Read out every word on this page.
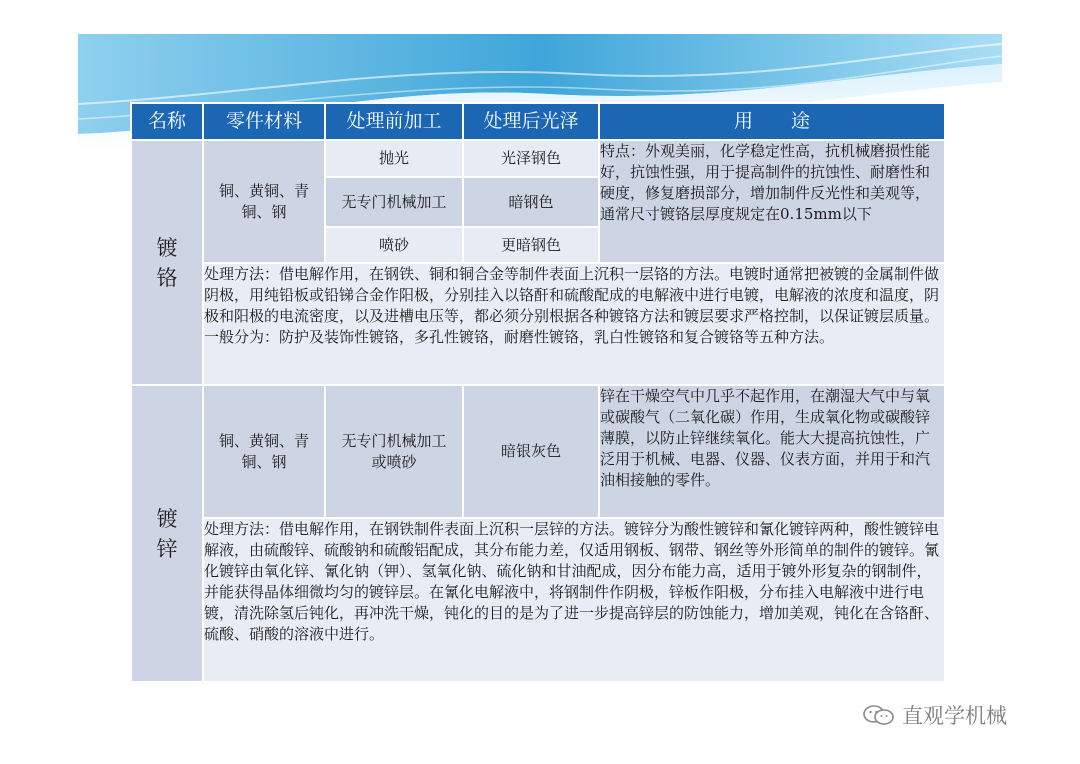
名称	零件材料	处理前加工	处理后光泽	用　　途
镀铬	铜、黄铜、青铜、钢	抛光	光泽钢色	特点：外观美丽，化学稳定性高，抗机械磨损性能好，抗蚀性强，用于提高制件的抗蚀性、耐磨性和硬度，修复磨损部分，增加制件反光性和美观等，通常尺寸镀铬层厚度规定在0.15mm以下
		无专门机械加工	暗钢色	
		喷砂	更暗钢色	
	处理方法：借电解作用，在钢铁、铜和铜合金等制件表面上沉积一层铬的方法。电镀时通常把被镀的金属制件做阴极，用纯铅板或铅锑合金作阳极，分别挂入以铬酐和硫酸配成的电解液中进行电镀，电解液的浓度和温度，阴极和阳极的电流密度，以及进槽电压等，都必须分别根据各种镀铬方法和镀层要求严格控制，以保证镀层质量。一般分为：防护及装饰性镀铬，多孔性镀铬，耐磨性镀铬，乳白性镀铬和复合镀铬等五种方法。			
镀锌	铜、黄铜、青铜、钢	无专门机械加工或喷砂	暗银灰色	锌在干燥空气中几乎不起作用，在潮湿大气中与氧或碳酸气（二氧化碳）作用，生成氧化物或碳酸锌薄膜，以防止锌继续氧化。能大大提高抗蚀性，广泛用于机械、电器、仪器、仪表方面，并用于和汽油相接触的零件。
	处理方法：借电解作用，在钢铁制件表面上沉积一层锌的方法。镀锌分为酸性镀锌和氰化镀锌两种，酸性镀锌电解液，由硫酸锌、硫酸钠和硫酸铝配成，其分布能力差，仅适用钢板、钢带、钢丝等外形简单的制件的镀锌。氰化镀锌由氧化锌、氰化钠（钾）、氢氧化钠、硫化钠和甘油配成，因分布能力高，适用于镀外形复杂的钢制件，并能获得晶体细微均匀的镀锌层。在氰化电解液中，将钢制件作阴极，锌板作阳极，分布挂入电解液中进行电镀，清洗除氢后钝化，再冲洗干燥，钝化的目的是为了进一步提高锌层的防蚀能力，增加美观，钝化在含铬酐、硫酸、硝酸的溶液中进行。			
直观学机械
